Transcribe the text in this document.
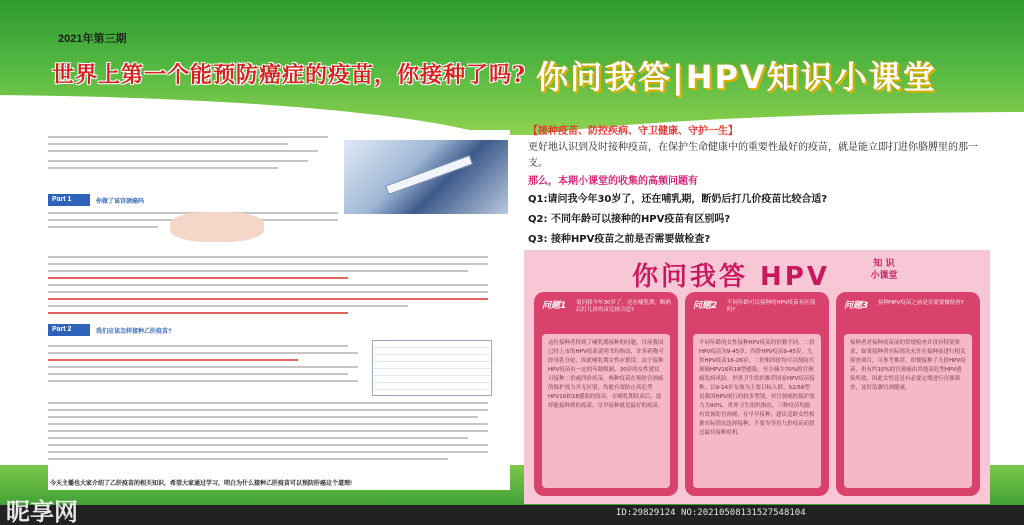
2021年第三期
世界上第一个能预防癌症的疫苗，你接种了吗? 你问我答|HPV知识小课堂
Part 1	你做了该宫颈癌吗
Part 2	我们应该怎样接种乙肝疫苗?
今天主播也大家介绍了乙肝疫苗的相关知识，希望大家通过学习，明白为什么接种乙肝疫苗可以预防肝癌这个道理!
【接种疫苗、防控疾病、守卫健康、守护一生】
更好地认识到及时接种疫苗，在保护生命健康中的重要性最好的疫苗，就是能立即打进你胳膊里的那一支。
那么，本期小课堂的收集的高频问题有
Q1:请问我今年30岁了，还在哺乳期，断奶后打几价疫苗比较合适?
Q2: 不同年龄可以接种的HPV疫苗有区别吗?
Q3: 接种HPV疫苗之前是否需要做检查?
你问我答 HPV	知 识
小课堂
问题1	请问我今年30岁了，还在哺乳期，断奶后打几价疫苗比较合适?
这位接种者得到了哺乳期接种的问题，目前我国已经上市的HPV疫苗说明书均指出，许多药物可经母乳分泌，因此哺乳期女性应慎用。由于接种HPV疫苗有一定的年龄限制，30岁的女性建议可接种二价或四价疫苗，两种疫苗在预防宫颈癌的保护效力并无区别，均能有效防止高危型HPV16和18感染的疫苗。在哺乳期结束后，选择能接种到的疫苗，尽早接种就是最好的疫苗。
问题2	不同年龄可以接种的HPV疫苗有区别吗?
不同年龄的女性接种HPV疫苗的价数不同。二价HPV疫苗为9-45岁，四价HPV疫苗9-45岁，九价HPV疫苗16-26岁。二价和四价均可以预防宫颈癌HPV16和18型感染，至少减少70%的宫颈癌发病风险。世界卫生组织推荐国家HPV疫苗接种，以9-14岁女孩为主要目标人群。52/58型是我国HPV流行的较多型别，对宫颈癌的保护效力为90%。世界卫生组织指出，三种疫苗均能有效预防宫颈癌，在早早接种，建议适龄女性根据实际情况选择接种，不要为等待九价疫苗而错过最佳接种时机。
问题3	接种HPV疫苗之前是否需要做检查?
接种者对接种疫苗前的常规检查并没有特别要求，如果接种者实际情况允许在接种前进行相关筛查项目，可参考推荐，即便接种了九价HPV疫苗，仍有约10%的宫颈癌由其他高危型HPV感染所致，因此女性还是有必要定期进行宫颈筛查，及时监测宫颈健康。
昵享网	ID:29829124 NO:20210508131527548104
